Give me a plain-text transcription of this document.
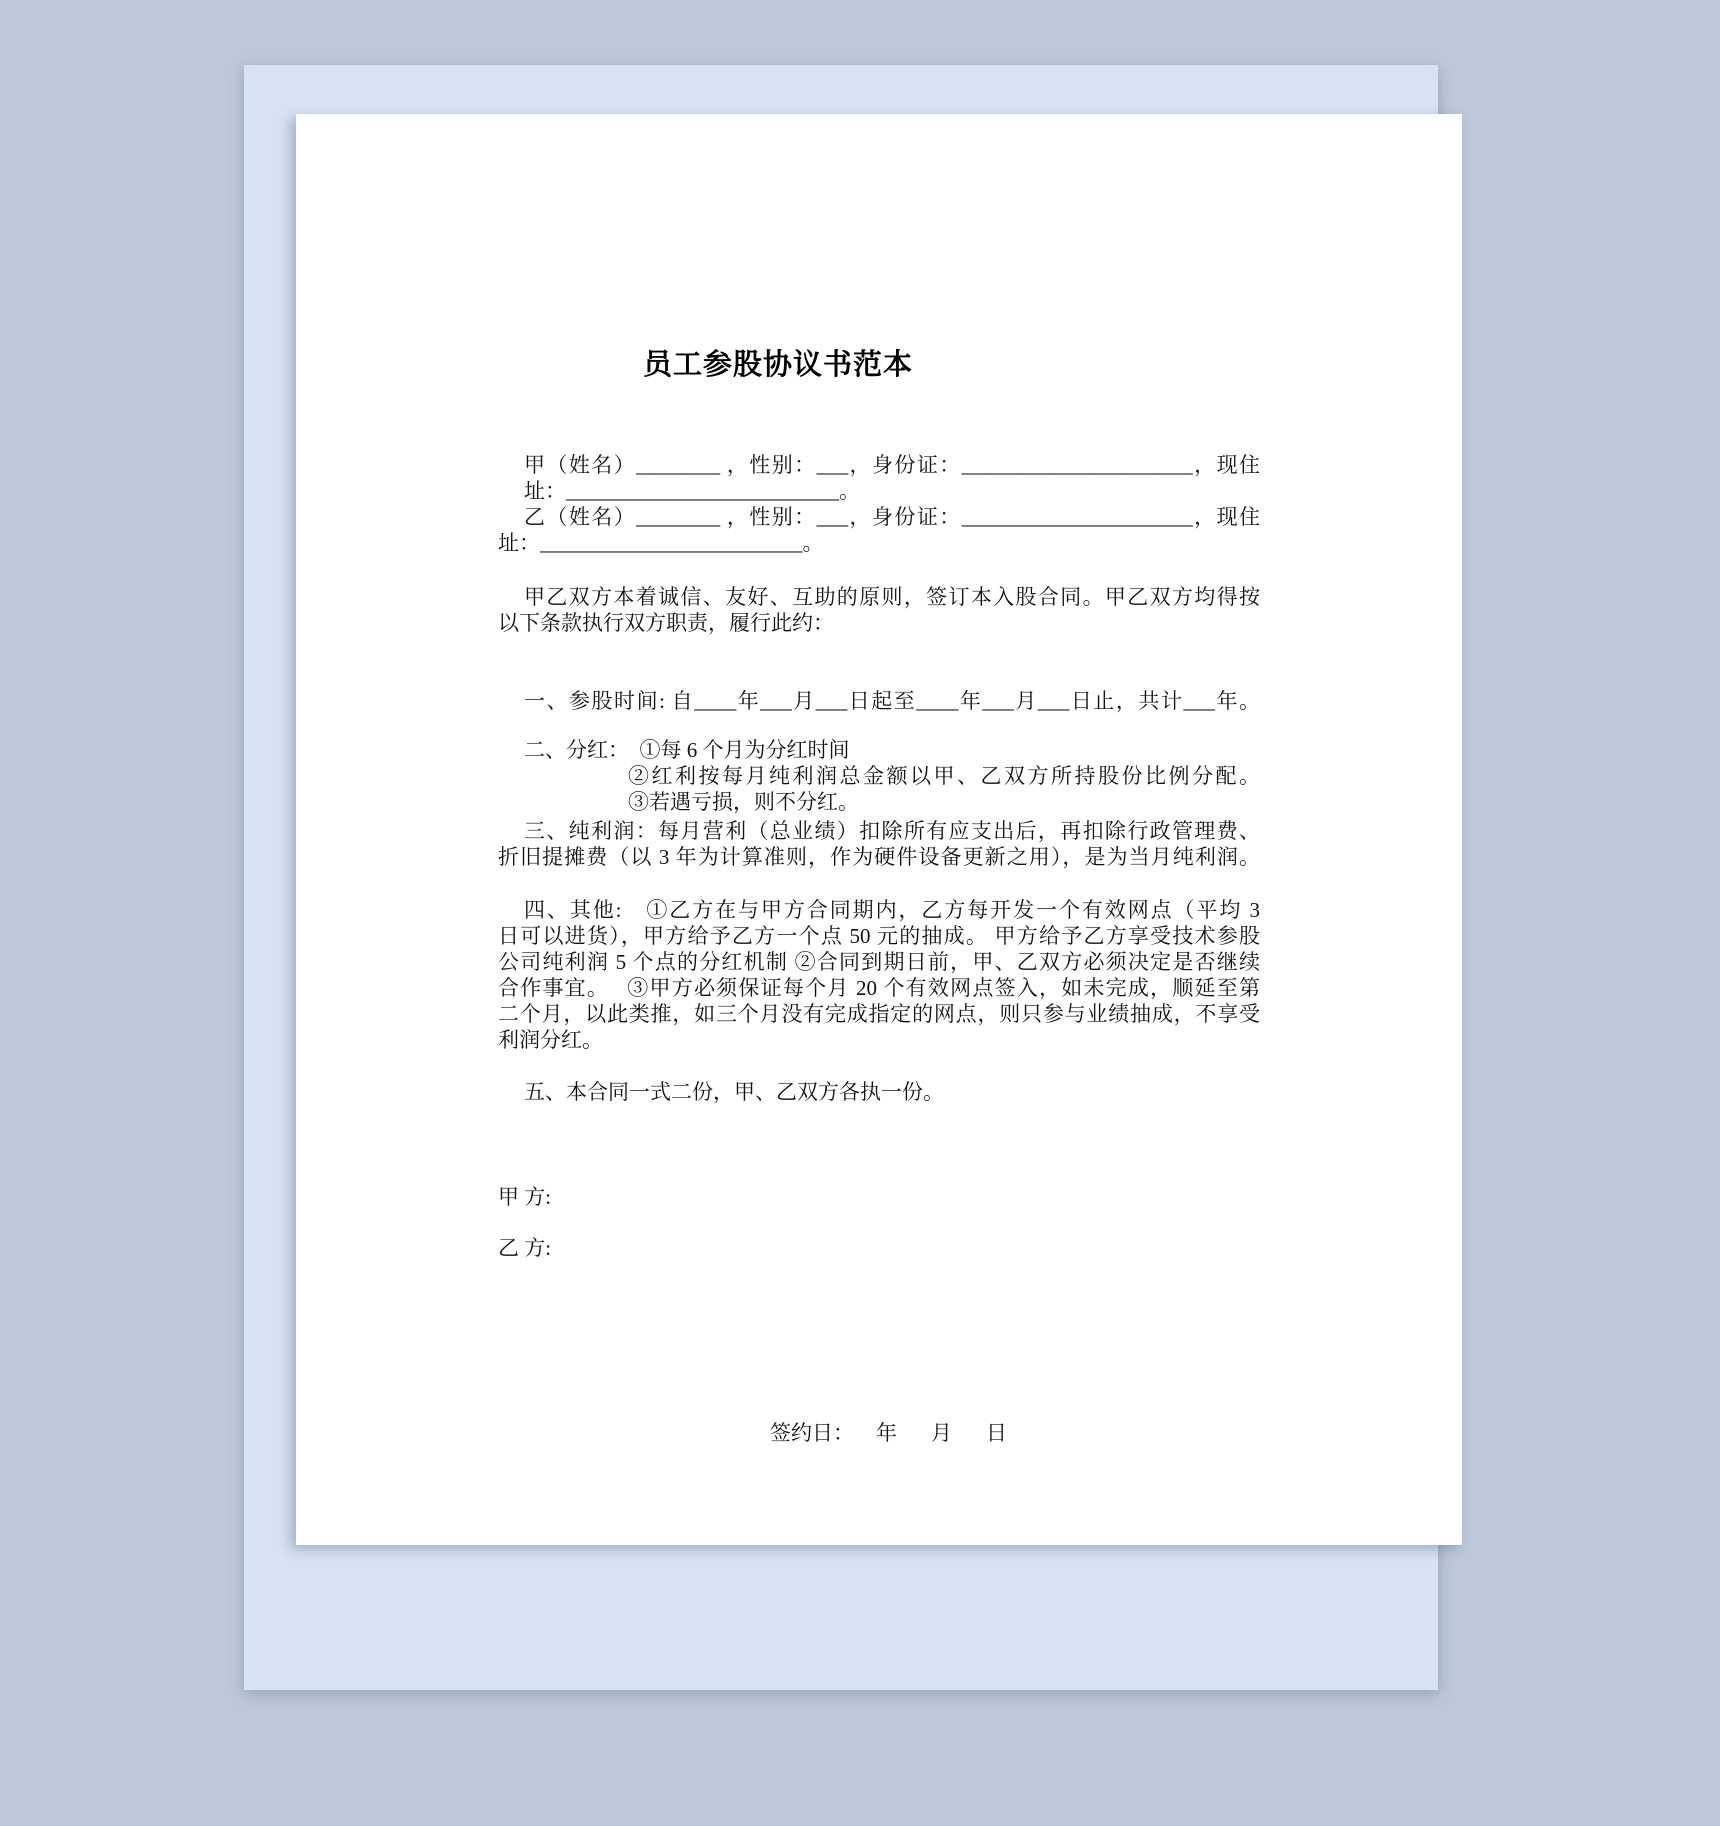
员工参股协议书范本
甲（姓名）________ ，性别：___，身份证：______________________，现住
址：__________________________。
乙（姓名）________ ，性别：___，身份证：______________________，现住
址：_________________________。
甲乙双方本着诚信、友好、互助的原则，签订本入股合同。甲乙双方均得按
以下条款执行双方职责，履行此约：
一、参股时间: 自____年___月___日起至____年___月___日止，共计___年。
二、分红：　①每 6 个月为分红时间
②红利按每月纯利润总金额以甲、乙双方所持股份比例分配。
③若遇亏损，则不分红。
三、纯利润：每月营利（总业绩）扣除所有应支出后，再扣除行政管理费、
折旧提摊费（以 3 年为计算准则，作为硬件设备更新之用），是为当月纯利润。
四、其他:　①乙方在与甲方合同期内，乙方每开发一个有效网点（平均 3
日可以进货），甲方给予乙方一个点 50 元的抽成。 甲方给予乙方享受技术参股
公司纯利润 5 个点的分红机制 ②合同到期日前，甲、乙双方必须决定是否继续
合作事宜。　 ③甲方必须保证每个月 20 个有效网点签入，如未完成，顺延至第
二个月，以此类推，如三个月没有完成指定的网点，则只参与业绩抽成，不享受
利润分红。
五、本合同一式二份，甲、乙双方各执一份。
甲 方:
乙 方:
签约日： 年 月 日
